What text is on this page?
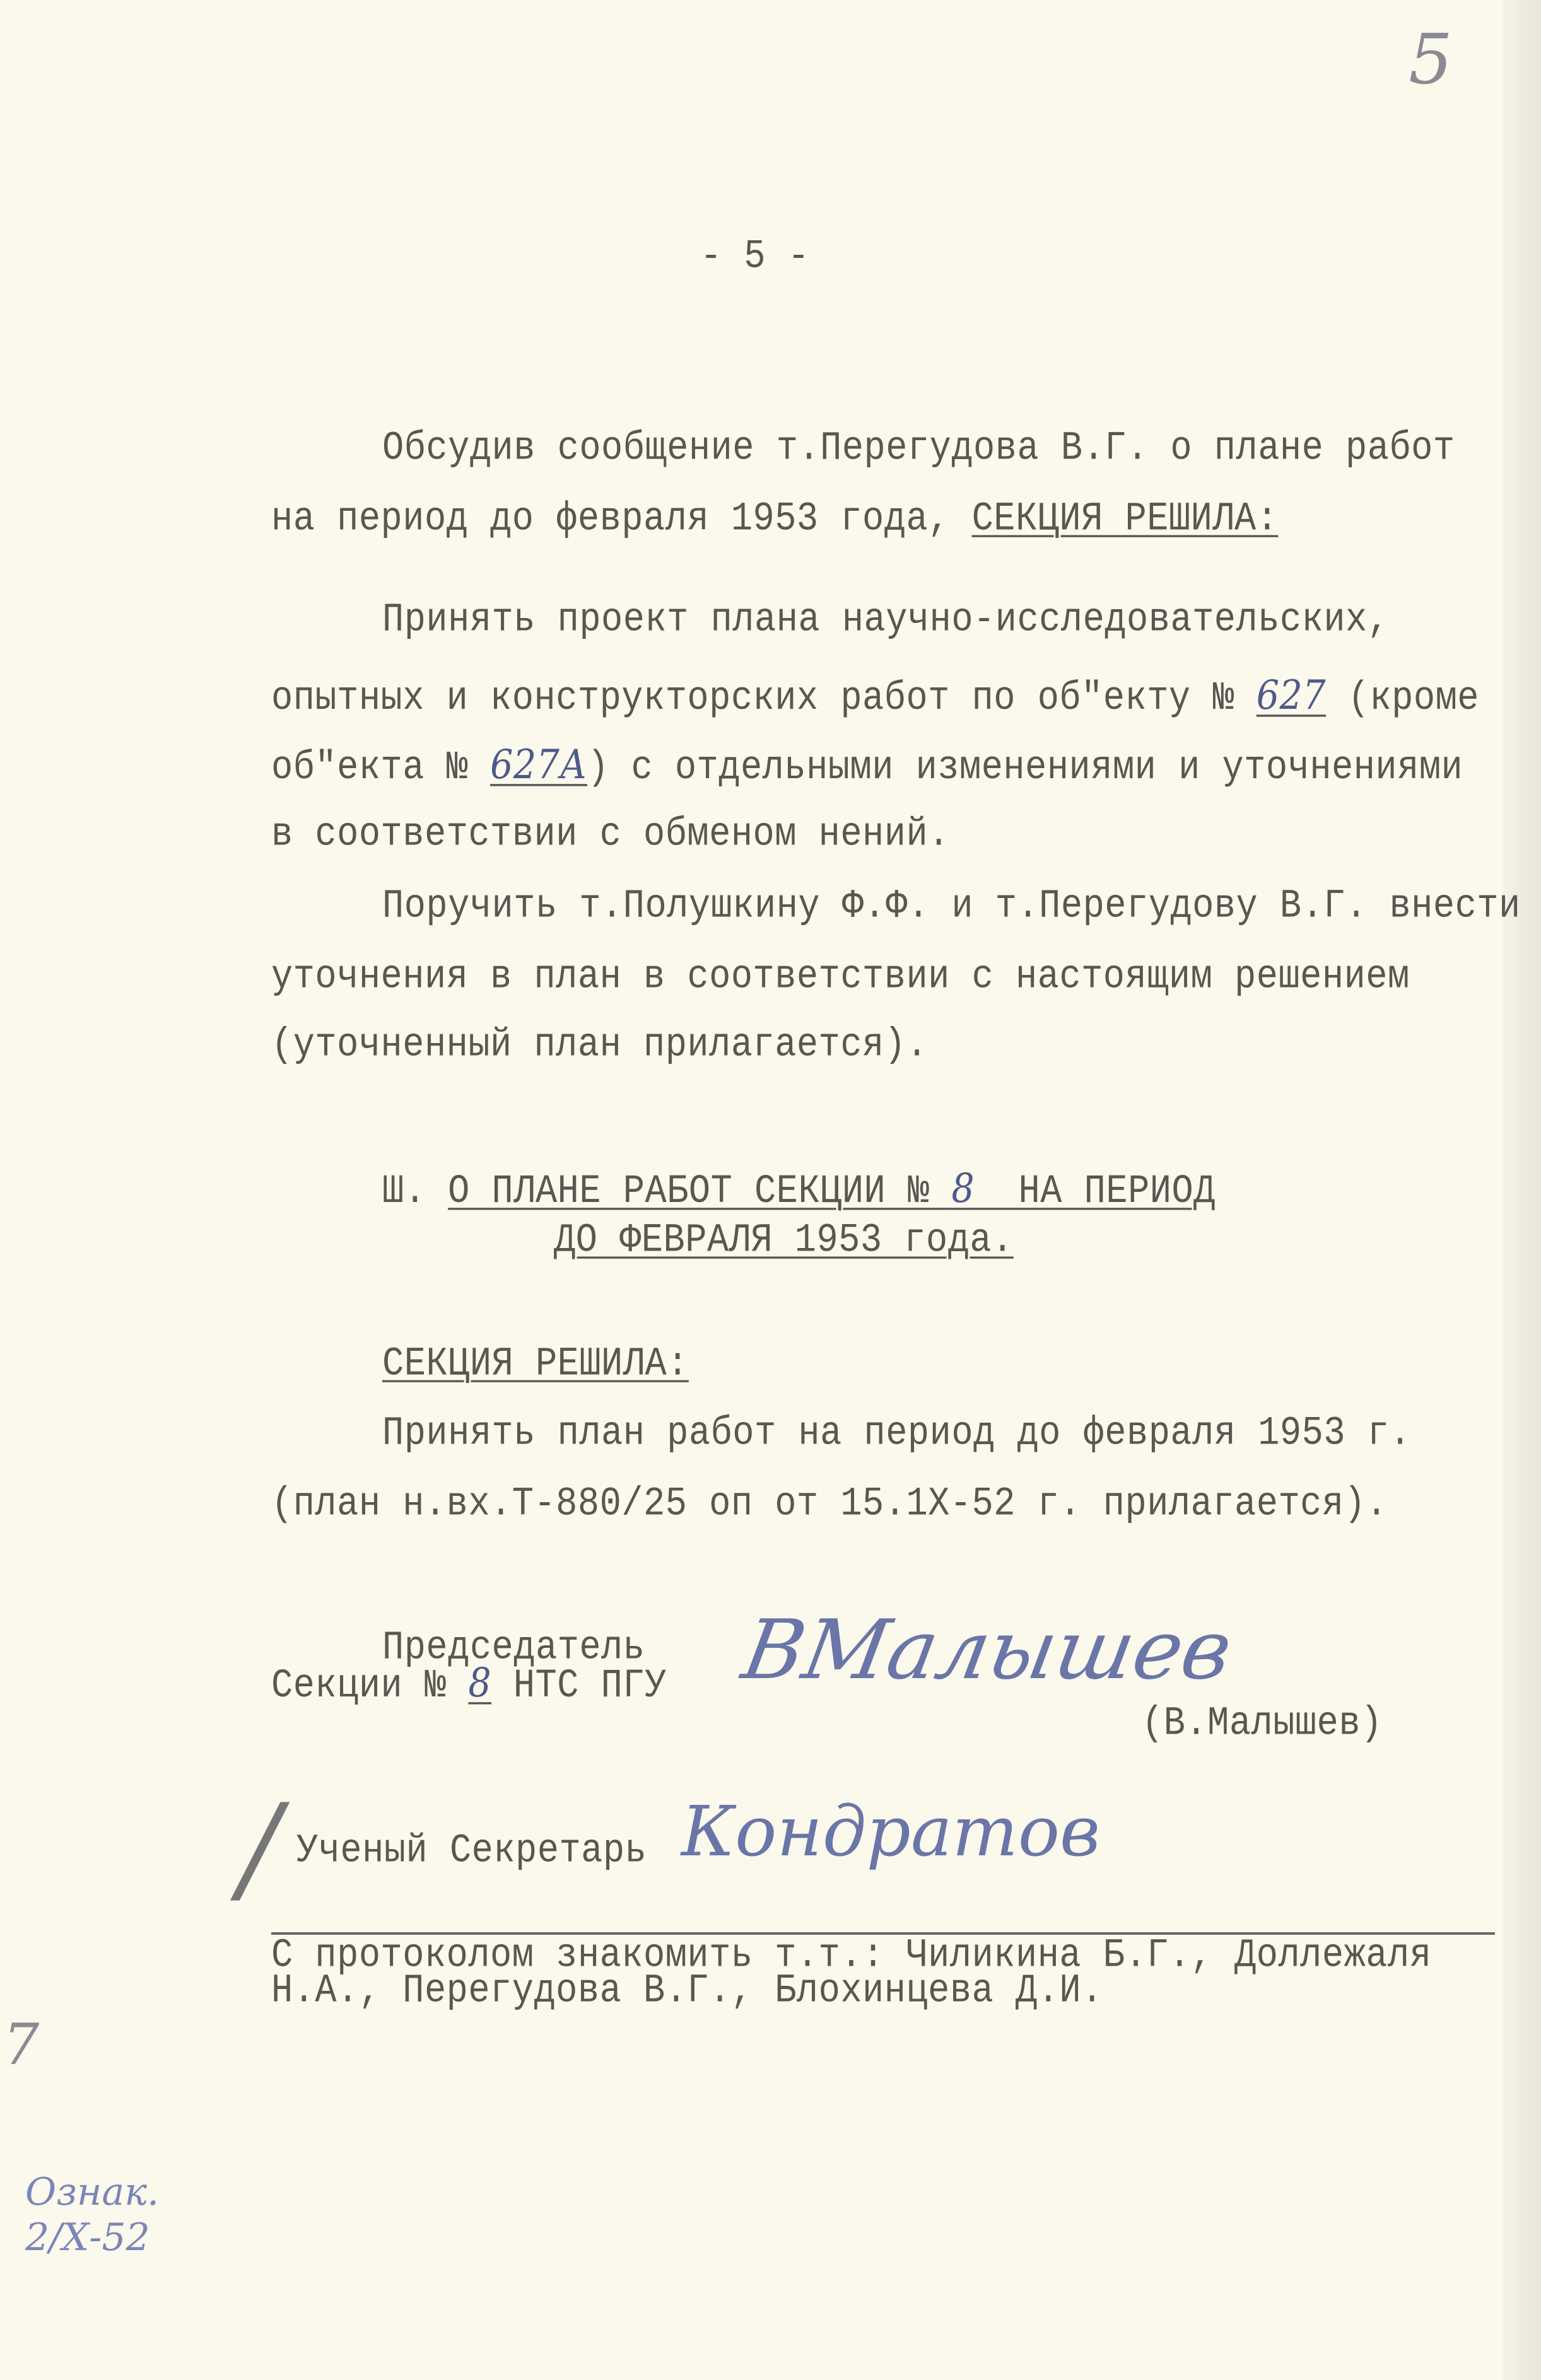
5
- 5 -
Обсудив сообщение т.Перегудова В.Г. о плане работ
на период до февраля 1953 года, СЕКЦИЯ РЕШИЛА:
Принять проект плана научно-исследовательских,
опытных и конструкторских работ по об"екту № 627 (кроме
об"екта № 627А) с отдельными изменениями и уточнениями
в соответствии с обменом нений.
Поручить т.Полушкину Ф.Ф. и т.Перегудову В.Г. внести
уточнения в план в соответствии с настоящим решением
(уточненный план прилагается).
Ш. О ПЛАНЕ РАБОТ СЕКЦИИ № 8  НА ПЕРИОД
ДО ФЕВРАЛЯ 1953 года.
СЕКЦИЯ РЕШИЛА:
Принять план работ на период до февраля 1953 г.
(план н.вх.Т-880/25 оп от 15.1Х-52 г. прилагается).
Председатель
Секции № 8 НТС ПГУ ВМалышев
(В.Малышев)
/ Ученый Секретарь Кондратов
С протоколом знакомить т.т.: Чиликина Б.Г., Доллежаля
Н.А., Перегудова В.Г., Блохинцева Д.И.
7
Ознак. 2/Х-52
